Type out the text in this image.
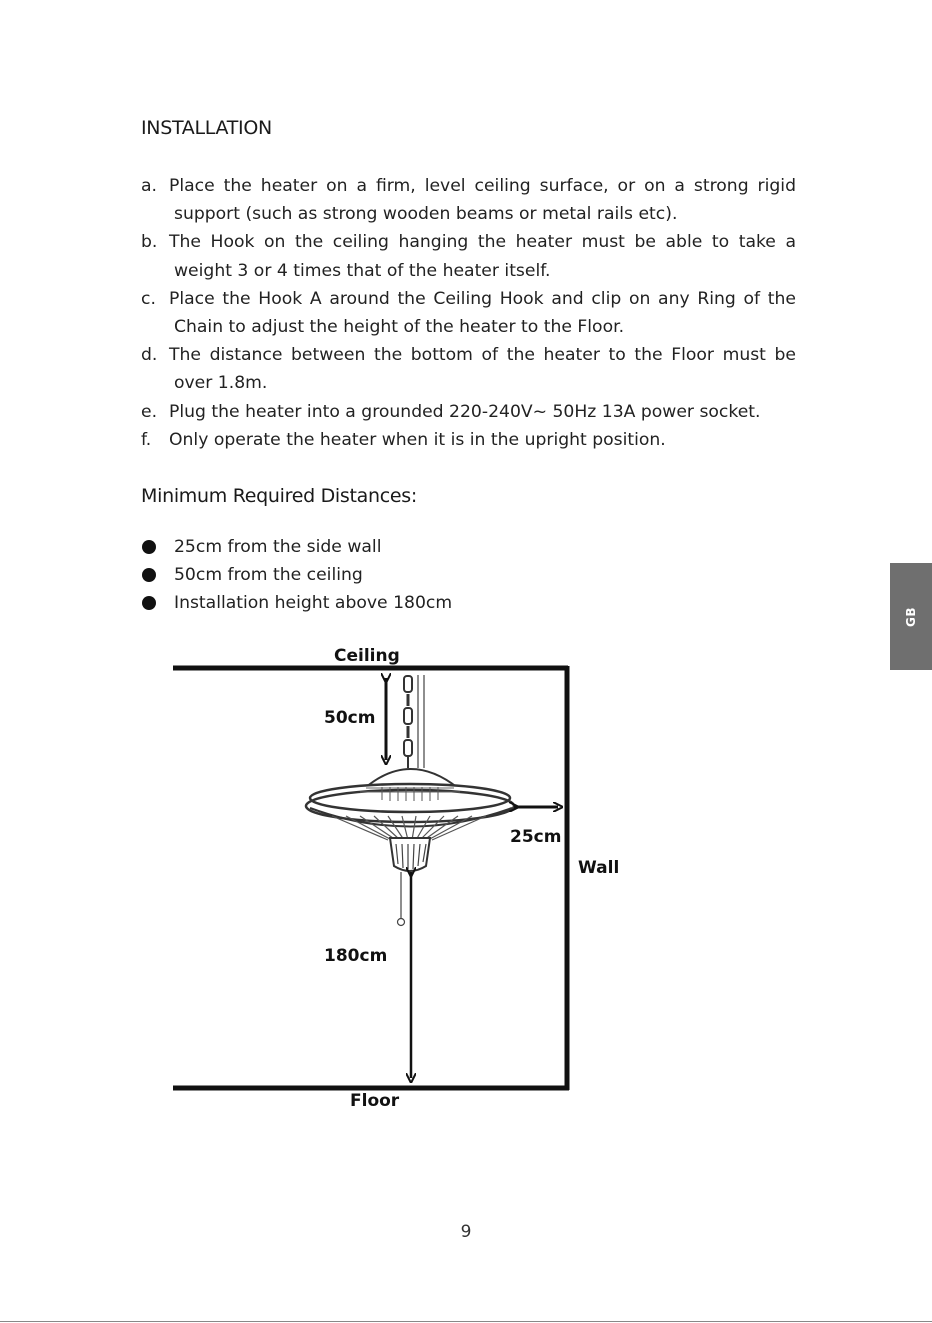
INSTALLATION
a. Place the heater on a firm, level ceiling surface, or on a strong rigid
support (such as strong wooden beams or metal rails etc).
b. The Hook on the ceiling hanging the heater must be able to take a
weight 3 or 4 times that of the heater itself.
c. Place the Hook A around the Ceiling Hook and clip on any Ring of the
Chain to adjust the height of the heater to the Floor.
d. The distance between the bottom of the heater to the Floor must be
over 1.8m.
e. Plug the heater into a grounded 220-240V~ 50Hz 13A power socket.
f. Only operate the heater when it is in the upright position.
Minimum Required Distances:
25cm from the side wall
50cm from the ceiling
Installation height above 180cm
GB
Ceiling
50cm
25cm
Wall
180cm
Floor
9
